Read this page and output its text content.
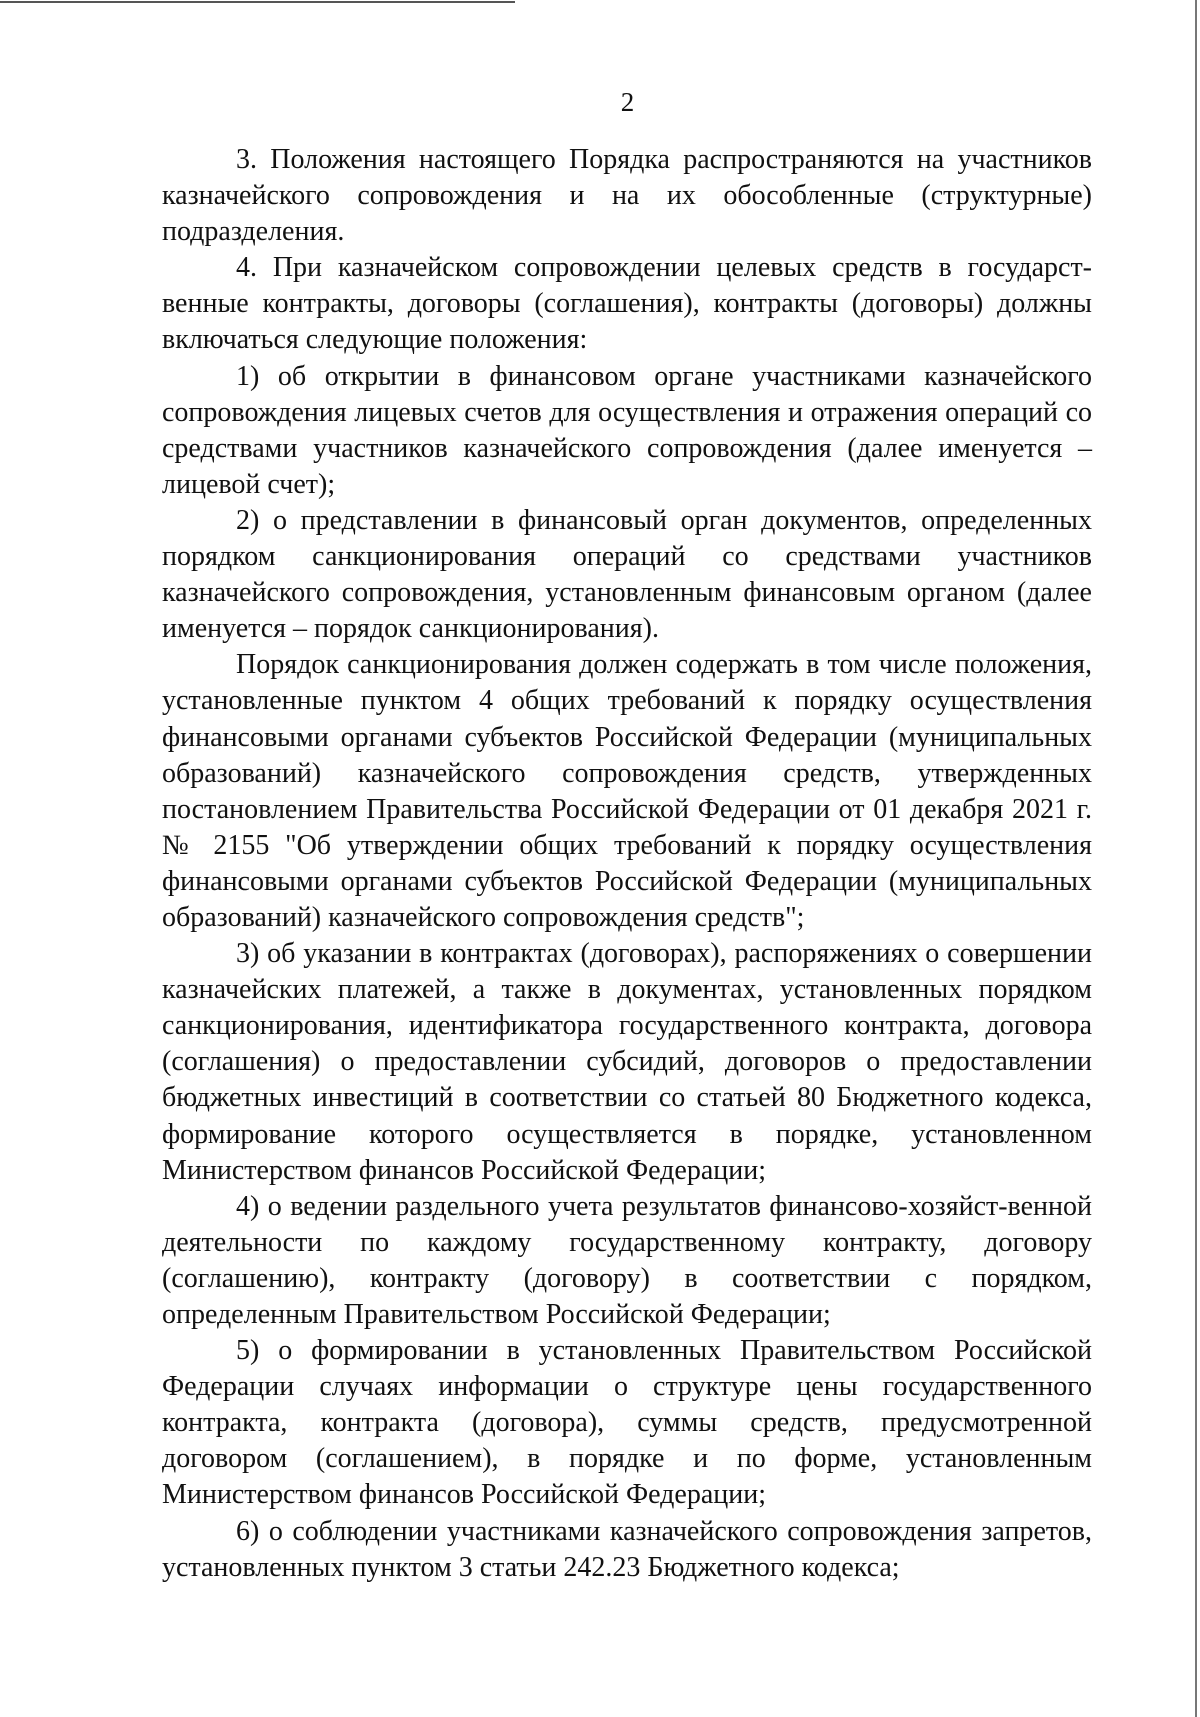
2

3. Положения настоящего Порядка распространяются на участников казначейского сопровождения и на их обособленные (структурные) подразделения.

4. При казначейском сопровождении целевых средств в государст-венные контракты, договоры (соглашения), контракты (договоры) должны включаться следующие положения:

1) об открытии в финансовом органе участниками казначейского сопровождения лицевых счетов для осуществления и отражения операций со средствами участников казначейского сопровождения (далее именуется – лицевой счет);

2) о представлении в финансовый орган документов, определенных порядком санкционирования операций со средствами участников казначейского сопровождения, установленным финансовым органом (далее именуется – порядок санкционирования).

Порядок санкционирования должен содержать в том числе положения, установленные пунктом 4 общих требований к порядку осуществления финансовыми органами субъектов Российской Федерации (муниципальных образований) казначейского сопровождения средств, утвержденных постановлением Правительства Российской Федерации от 01 декабря 2021 г. № 2155 "Об утверждении общих требований к порядку осуществления финансовыми органами субъектов Российской Федерации (муниципальных образований) казначейского сопровождения средств";

3) об указании в контрактах (договорах), распоряжениях о совершении казначейских платежей, а также в документах, установленных порядком санкционирования, идентификатора государственного контракта, договора (соглашения) о предоставлении субсидий, договоров о предоставлении бюджетных инвестиций в соответствии со статьей 80 Бюджетного кодекса, формирование которого осуществляется в порядке, установленном Министерством финансов Российской Федерации;

4) о ведении раздельного учета результатов финансово-хозяйст-венной деятельности по каждому государственному контракту, договору (соглашению), контракту (договору) в соответствии с порядком, определенным Правительством Российской Федерации;

5) о формировании в установленных Правительством Российской Федерации случаях информации о структуре цены государственного контракта, контракта (договора), суммы средств, предусмотренной договором (соглашением), в порядке и по форме, установленным Министерством финансов Российской Федерации;

6) о соблюдении участниками казначейского сопровождения запретов, установленных пунктом 3 статьи 242.23 Бюджетного кодекса;
